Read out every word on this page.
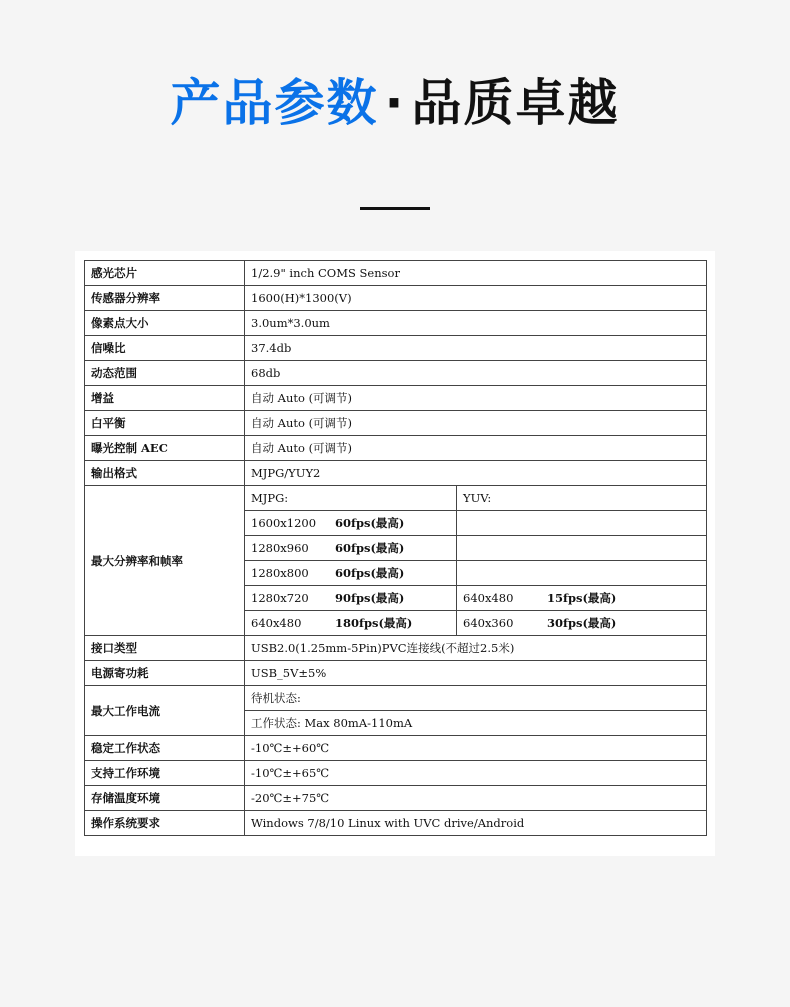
产品参数 · 品质卓越
感光芯片	1/2.9" inch COMS Sensor	
传感器分辨率	1600(H)*1300(V)	
像素点大小	3.0um*3.0um	
信噪比	37.4db	
动态范围	68db	
增益	自动 Auto (可调节)	
白平衡	自动 Auto (可调节)	
曝光控制 AEC	自动 Auto (可调节)	
输出格式	MJPG/YUY2	
最大分辨率和帧率	MJPG:	YUV:
	1600x1200 60fps(最高)	
	1280x960 60fps(最高)	
	1280x800 60fps(最高)	
	1280x720 90fps(最高)	640x480 15fps(最高)
	640x480 180fps(最高)	640x360 30fps(最高)
接口类型	USB2.0(1.25mm-5Pin)PVC连接线(不超过2.5米)	
电源寄功耗	USB_5V±5%	
最大工作电流	待机状态:	
	工作状态: Max 80mA-110mA	
稳定工作状态	-10℃±+60℃	
支持工作环境	-10℃±+65℃	
存储温度环境	-20℃±+75℃	
操作系统要求	Windows 7/8/10 Linux with UVC drive/Android	
